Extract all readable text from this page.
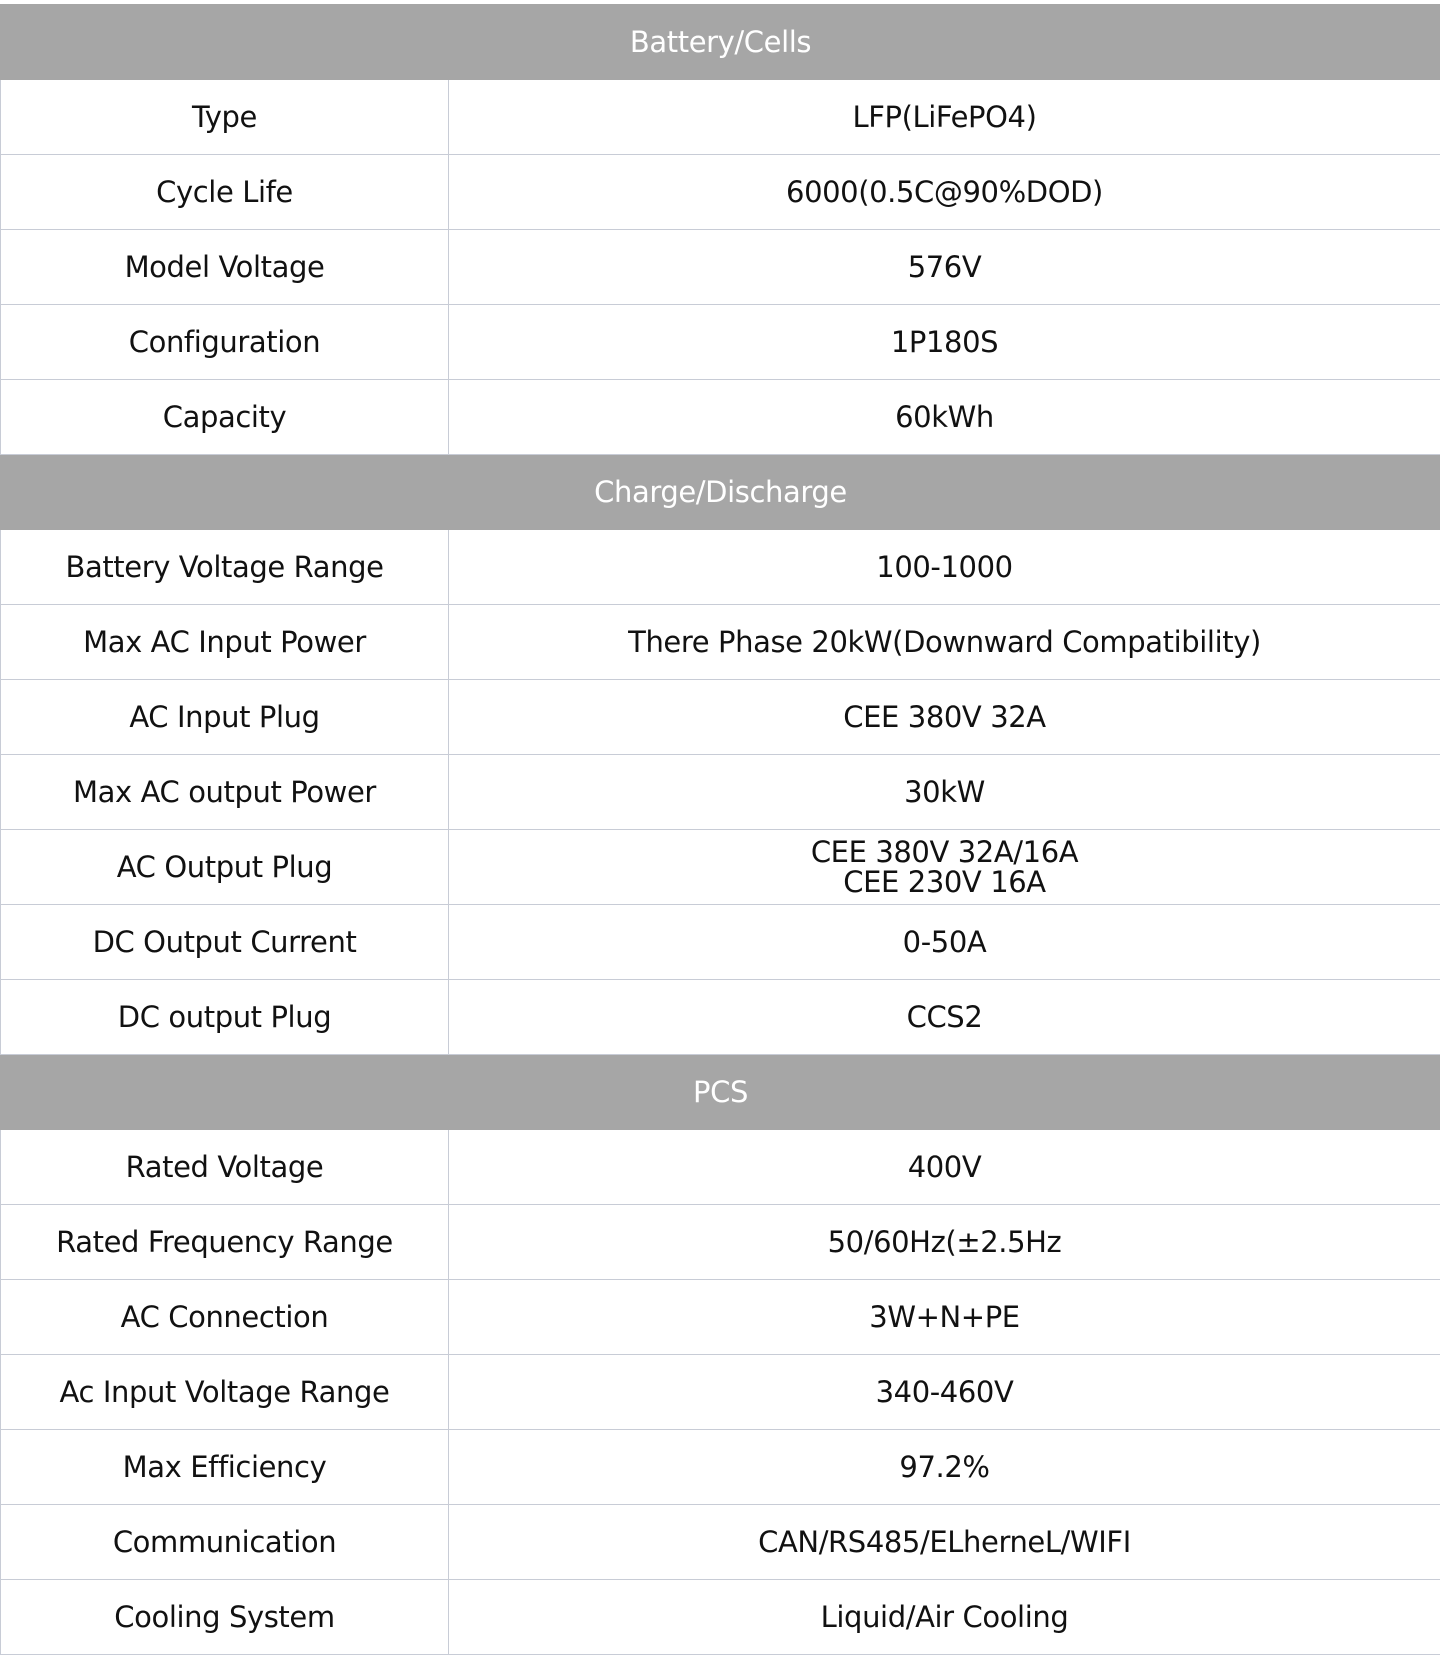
Battery/Cells	
Type	LFP(LiFePO4)

Cycle Life	6000(0.5C@90%DOD)

Model Voltage	576V

Configuration	1P180S

Capacity	60kWh

Charge/Discharge	
Battery Voltage Range	100-1000

Max AC Input Power	There Phase 20kW(Downward Compatibility)

AC Input Plug	CEE 380V 32A

Max AC output Power	30kW

AC Output Plug	CEE 380V 32A/16A
CEE 230V 16A

DC Output Current	0-50A

DC output Plug	CCS2

PCS	
Rated Voltage	400V

Rated Frequency Range	50/60Hz(±2.5Hz

AC Connection	3W+N+PE

Ac Input Voltage Range	340-460V

Max Efficiency	97.2%

Communication	CAN/RS485/ELherneL/WIFI

Cooling System	Liquid/Air Cooling
